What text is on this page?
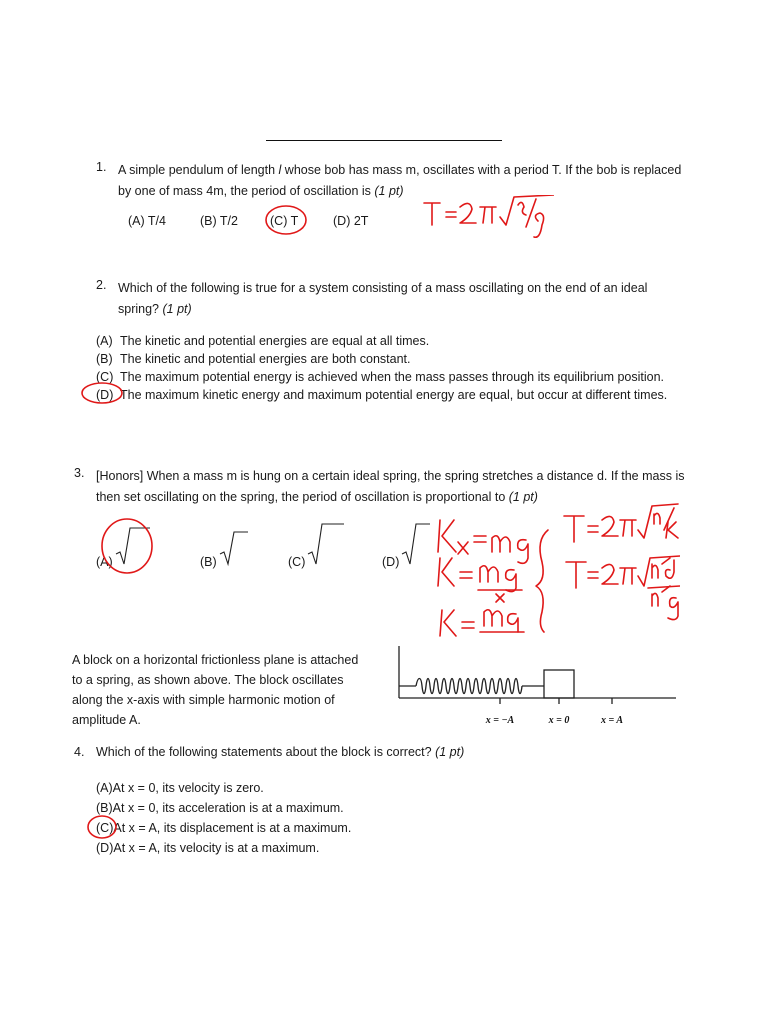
1. A simple pendulum of length l whose bob has mass m, oscillates with a period T. If the bob is replaced
by one of mass 4m, the period of oscillation is (1 pt)
(A) T/4	(B) T/2	(C) T	(D) 2T
2. Which of the following is true for a system consisting of a mass oscillating on the end of an ideal
spring? (1 pt)
(A) The kinetic and potential energies are equal at all times.
(B) The kinetic and potential energies are both constant.
(C) The maximum potential energy is achieved when the mass passes through its equilibrium position.
(D) The maximum kinetic energy and maximum potential energy are equal, but occur at different times.
3. [Honors] When a mass m is hung on a certain ideal spring, the spring stretches a distance d. If the mass is
then set oscillating on the spring, the period of oscillation is proportional to (1 pt)
(A)	(B)	(C)	(D)
x = −A	x = 0	x = A
A block on a horizontal frictionless plane is attached
to a spring, as shown above. The block oscillates
along the x-axis with simple harmonic motion of
amplitude A.
4. Which of the following statements about the block is correct? (1 pt)
(A) At x = 0, its velocity is zero.
(B) At x = 0, its acceleration is at a maximum.
(C) At x = A, its displacement is at a maximum.
(D) At x = A, its velocity is at a maximum.
